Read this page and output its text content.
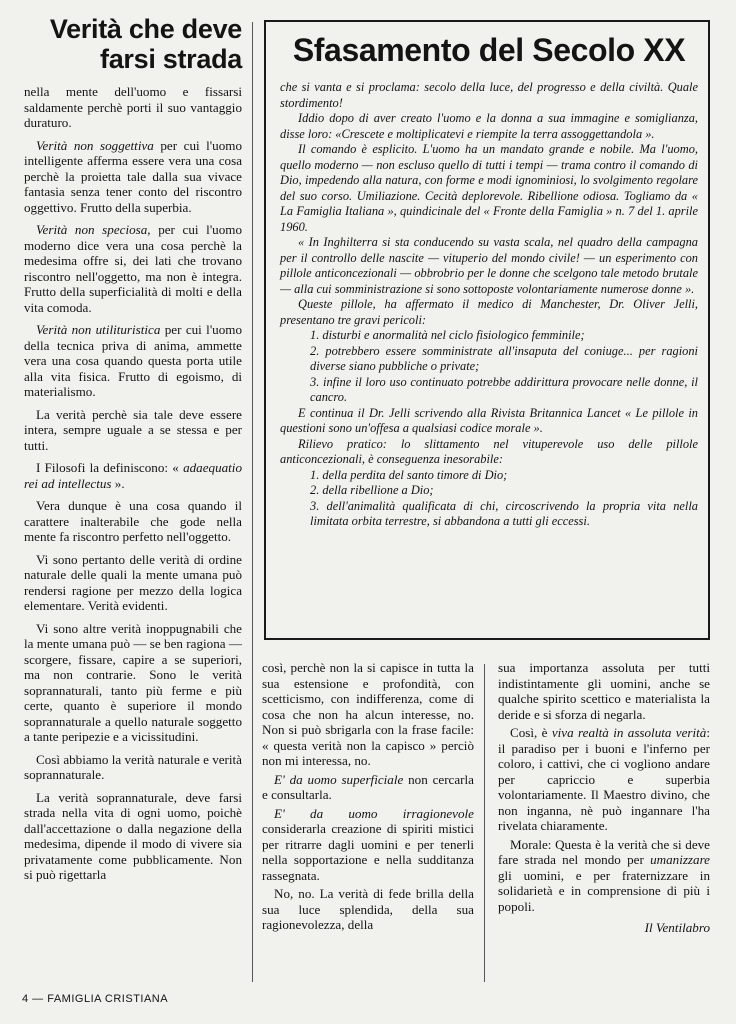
Verità che deve farsi strada

nella mente dell'uomo e fissarsi saldamente perchè porti il suo vantaggio duraturo.

Verità non soggettiva per cui l'uomo intelligente afferma essere vera una cosa perchè la proietta tale dalla sua vivace fantasia senza tener conto del riscontro oggettivo. Frutto della superbia.

Verità non speciosa, per cui l'uomo moderno dice vera una cosa perchè la medesima offre si, dei lati che trovano riscontro nell'oggetto, ma non è integra. Frutto della superficialità di molti e della vita comoda.

Verità non utilituristica per cui l'uomo della tecnica priva di anima, ammette vera una cosa quando questa porta utile alla vita fisica. Frutto di egoismo, di materialismo.

La verità perchè sia tale deve essere intera, sempre uguale a se stessa e per tutti.

I Filosofi la definiscono: « adaequatio rei ad intellectus ».

Vera dunque è una cosa quando il carattere inalterabile che gode nella mente fa riscontro perfetto nell'oggetto.

Vi sono pertanto delle verità di ordine naturale delle quali la mente umana può rendersi ragione per mezzo della logica elementare. Verità evidenti.

Vi sono altre verità inoppugnabili che la mente umana può — se ben ragiona — scorgere, fissare, capire a se superiori, ma non contrarie. Sono le verità soprannaturali, tanto più ferme e più certe, quanto è superiore il mondo soprannaturale a quello naturale soggetto a tante peripezie e a vicissitudini.

Così abbiamo la verità naturale e verità soprannaturale.

La verità soprannaturale, deve farsi strada nella vita di ogni uomo, poichè dall'accettazione o dalla negazione della medesima, dipende il modo di vivere sia privatamente come pubblicamente. Non si può rigettarla

Sfasamento del Secolo XX

che si vanta e si proclama: secolo della luce, del progresso e della civiltà. Quale stordimento!

Iddio dopo di aver creato l'uomo e la donna a sua immagine e somiglianza, disse loro: «Crescete e moltiplicatevi e riempite la terra assoggettandola ».

Il comando è esplicito. L'uomo ha un mandato grande e nobile. Ma l'uomo, quello moderno — non escluso quello di tutti i tempi — trama contro il comando di Dio, impedendo alla natura, con forme e modi ignominiosi, lo svolgimento regolare del suo corso. Umiliazione. Cecità deplorevole. Ribellione odiosa. Togliamo da « La Famiglia Italiana », quindicinale del « Fronte della Famiglia » n. 7 del 1. aprile 1960.

« In Inghilterra si sta conducendo su vasta scala, nel quadro della campagna per il controllo delle nascite — vituperio del mondo civile! — un esperimento con pillole anticoncezionali — obbrobrio per le donne che scelgono tale metodo brutale — alla cui somministrazione si sono sottoposte volontariamente numerose donne ».

Queste pillole, ha affermato il medico di Manchester, Dr. Oliver Jelli, presentano tre gravi pericoli:

1. disturbi e anormalità nel ciclo fisiologico femminile;

2. potrebbero essere somministrate all'insaputa del coniuge... per ragioni diverse siano pubbliche o private;

3. infine il loro uso continuato potrebbe addirittura provocare nelle donne, il cancro.

E continua il Dr. Jelli scrivendo alla Rivista Britannica Lancet « Le pillole in questioni sono un'offesa a qualsiasi codice morale ».

Rilievo pratico: lo slittamento nel vituperevole uso delle pillole anticoncezionali, è conseguenza inesorabile:

1. della perdita del santo timore di Dio;

2. della ribellione a Dio;

3. dell'animalità qualificata di chi, circoscrivendo la propria vita nella limitata orbita terrestre, si abbandona a tutti gli eccessi.

così, perchè non la si capisce in tutta la sua estensione e profondità, con scetticismo, con indifferenza, come di cosa che non ha alcun interesse, no. Non si può sbrigarla con la frase facile: « questa verità non la capisco » perciò non mi interessa, no.

E' da uomo superficiale non cercarla e consultarla.

E' da uomo irragionevole considerarla creazione di spiriti mistici per ritrarre dagli uomini e per tenerli nella sopportazione e nella sudditanza rassegnata.

No, no. La verità di fede brilla della sua luce splendida, della sua ragionevolezza, della

sua importanza assoluta per tutti indistintamente gli uomini, anche se qualche spirito scettico e materialista la deride e si sforza di negarla.

Così, è viva realtà in assoluta verità: il paradiso per i buoni e l'inferno per coloro, i cattivi, che ci vogliono andare per capriccio e superbia volontariamente. Il Maestro divino, che non inganna, nè può ingannare l'ha rivelata chiaramente.

Morale: Questa è la verità che si deve fare strada nel mondo per umanizzare gli uomini, e per fraternizzare in solidarietà e in comprensione di più i popoli.

Il Ventilabro

4 — FAMIGLIA CRISTIANA
